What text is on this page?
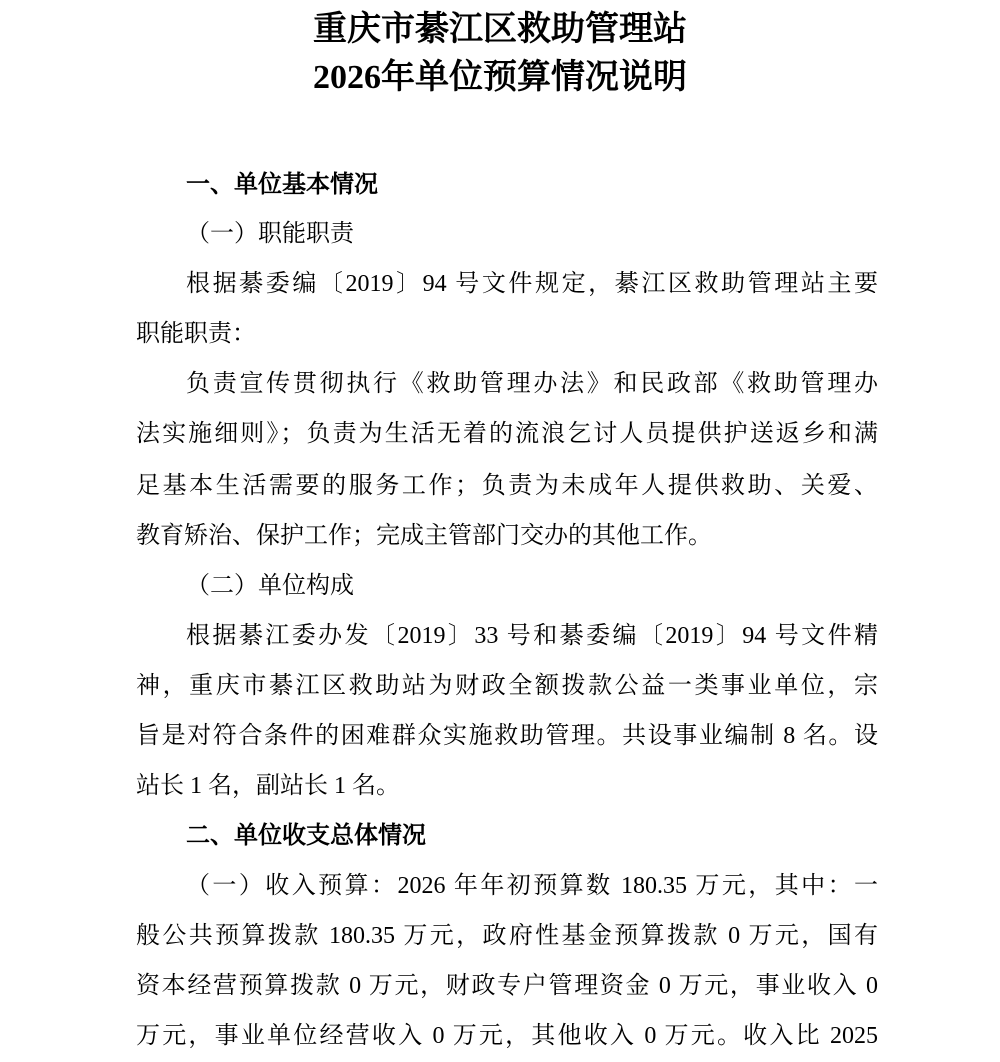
重庆市綦江区救助管理站
2026年单位预算情况说明
一、单位基本情况
（一）职能职责
根据綦委编〔2019〕94 号文件规定，綦江区救助管理站主要
职能职责：
负责宣传贯彻执行《救助管理办法》和民政部《救助管理办
法实施细则》；负责为生活无着的流浪乞讨人员提供护送返乡和满
足基本生活需要的服务工作；负责为未成年人提供救助、关爱、
教育矫治、保护工作；完成主管部门交办的其他工作。
（二）单位构成
根据綦江委办发〔2019〕33 号和綦委编〔2019〕94 号文件精
神，重庆市綦江区救助站为财政全额拨款公益一类事业单位，宗
旨是对符合条件的困难群众实施救助管理。共设事业编制 8 名。设
站长 1 名，副站长 1 名。
二、单位收支总体情况
（一）收入预算：2026 年年初预算数 180.35 万元，其中：一
般公共预算拨款 180.35 万元，政府性基金预算拨款 0 万元，国有
资本经营预算拨款 0 万元，财政专户管理资金 0 万元，事业收入 0
万元，事业单位经营收入 0 万元，其他收入 0 万元。收入比 2025
